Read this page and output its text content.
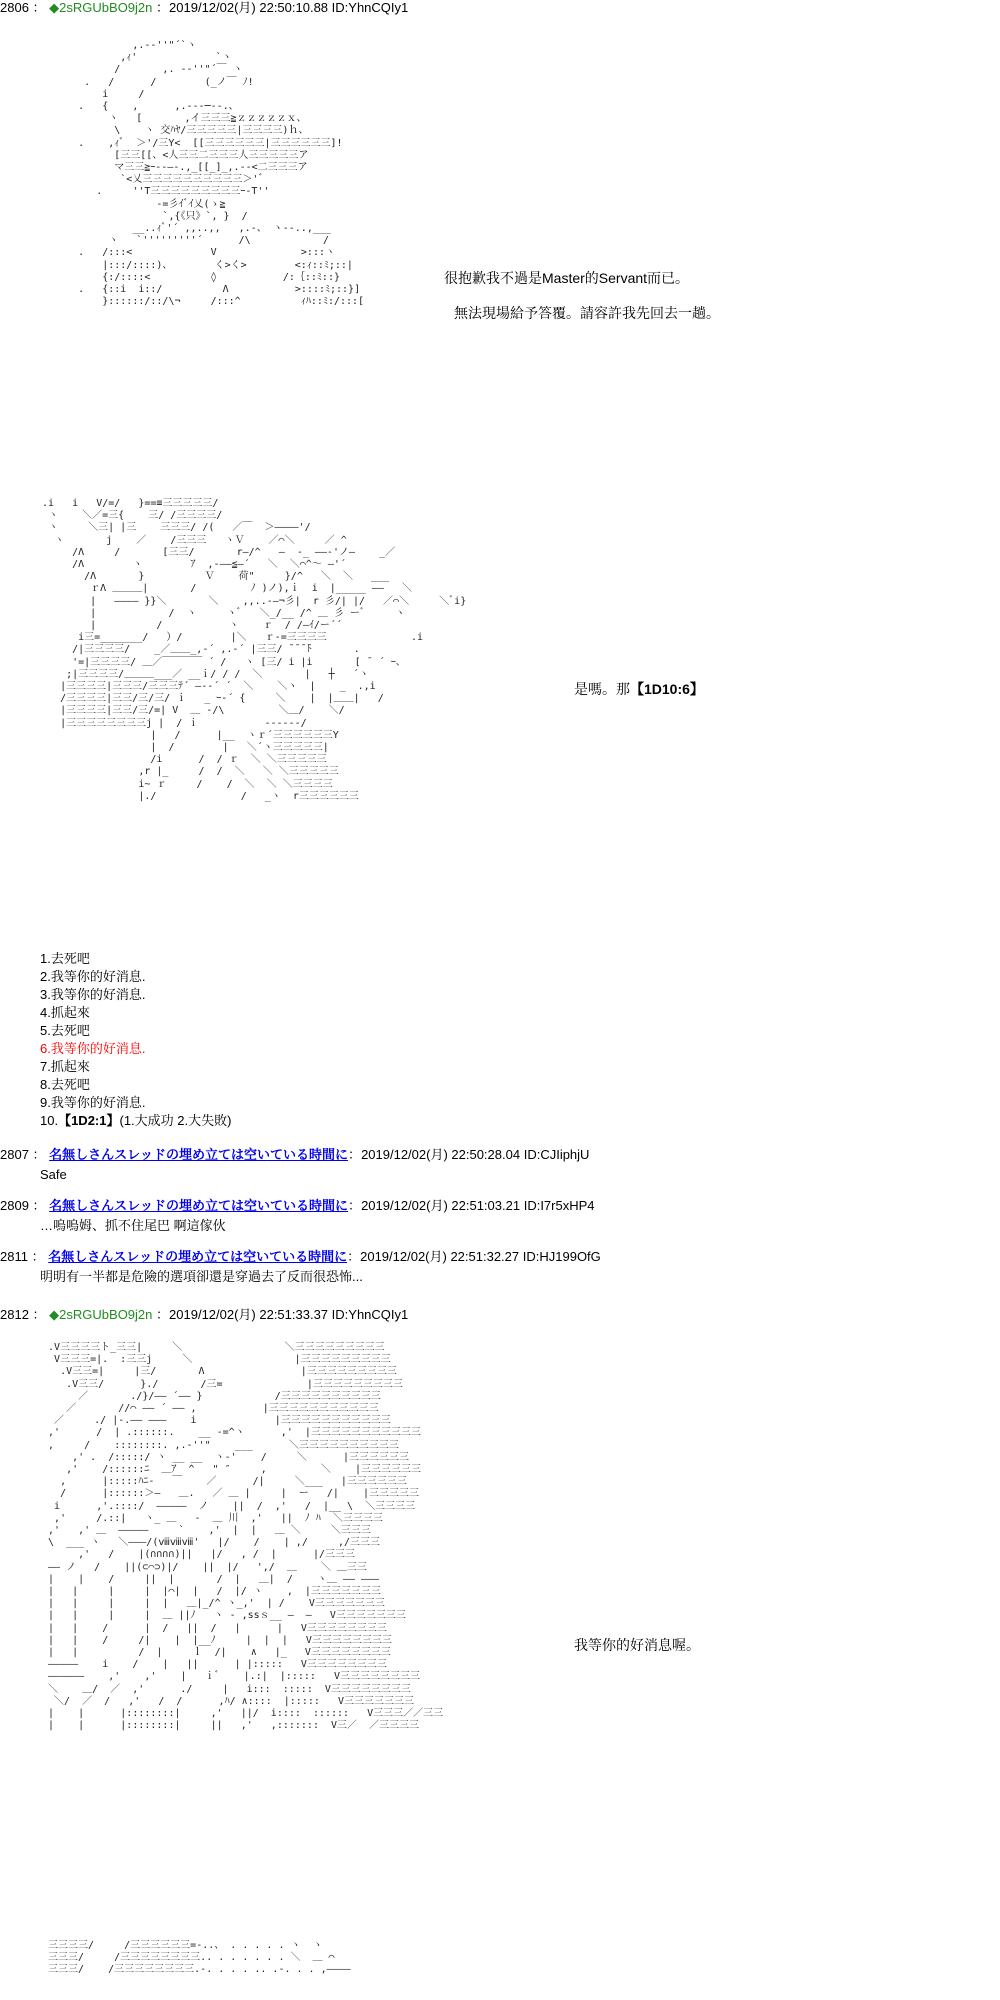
2806 ： ◆2sRGUbBO9j2n ：2019/12/02(月) 22:50:10.88 ID:YhnCQIy1
,.-‐''"´`ヽ
,ｨ'             `ヽ
/       ,. -‐''"´￣ ヽ
.   /      /        (_ノ￣ ﾉ!
i     /
.   {    ,      ,.-‐‐─‐-.、
ヽ   [       ,イ三三三≧ｚｚｚｚｚｘ、
\    ヽ 交ﾊﾔ/三三三三三|三三三三)ｈ、
.    ,ｨﾞ  ＞'/三Y<  [[三三三三三三|三三三三三三]!
[三三[[、<人三三二三三三人三三三三三ア
マ三三≧ｰ‐‐―-.,_[[_]_,.-‐<二三三三ア
`<乂三三三三三三三三三三＞'゛
.     ''T三三三三三三三三三ｰ-T''
-=彡ｲﾞｲ乂(ゝ≧
`,{《只》`, }  /
__..ｨﾞ'´ ,,..,,   ,.-、 ヽ‐-..,___
ヽ   `'''''''''´      /\            /
.   /:::<             V              >:::ヽ
|:::/::::)、       く>く>        <:ｨ::ﾐ;::|
{:/::::<          ◊           /:｛::ﾐ::}
.   {::i  i::/          Λ           >::::ﾐ;::}]
}::::::/::/\¬     /:::^          ｨﾊ::ﾐ:/:::[

很抱歉我不過是Master的Servant而已。
無法現場給予答覆。請容許我先回去一趟。
.i   i   V/=/   }==≡三三三三三/
ヽ    ＼／=三{    三/ /三三三三/
ヽ     ＼三| |三    三三三/ /(   ／￣  ＞――――'/
ヽ       j    ／    /三三三   ヽＶ    ／⌒＼     ／ ^
/Λ     /       [三三/       r―/^   ―  -_ ――-'ノ―    _／
/Λ        ヽ        ｱ  ,-――≦―´   ＼  ＼⌒^〜 ―'´
/Λ       }          Ｖ    荷"     }/^   ＼  ＼   ___
ｒΛ ＿＿＿|       /         ﾉ )ノ),ｉ  i  |_____ ――   ＼
|   ―――― }}＼       ＼    ,,..-―¬彡|  r 彡/| |/   ／⌒＼     ＼ﾞi}
|            /  ヽ     ヽﾞ   ＼_/__ /^ ＿ 彡 ーﾞ     ヽ
|          /           ヽ    ｒ  / /―ｲ/ー´´
i三=_______/   ）/        |＼   ｒ-=三三三三              .i
/|三三三三/    _／＿＿_,-´ ,.-´ |三三/ ̄ ̄ ̄ ̄ﾄ       .
'=|三三三三/ ＿／￣￣￣￣ ´ /   ヽ [三/ i |i       [ ̄  ´ ｰ、
;|三三三三/＿＿＿___／ __ｉ/ / /  ＼       |   ┼   ´ヽ
|三三三三|三三三/三三三ﾃ´ ―-‐´ ´  ＼    ＼ヽ  |    _  .,i
/三三三三|三三/三/三/ ｉ   _ ｰ-´ {     ＼    |  |＿＿|   /
|三三三三|三三/三/=| V  ＿ -/\         ＼＿/    ＼/
|三三三三三三三三j |  / ｉ           ------/
|   /      |__  ヽｒ´三三三三三三Y
|  /        |   ＼´ヽ三三三三三|
/i      /  / ｒ  ＼ ＼三三三三三
,r |_     /  /  ＼   ＼ ＼三三三三三
i~ ｒ     /    /  ＼  ＼ ＼三三三三
|./              /   _ヽ  r三三三三三三

是嗎。那【1D10:6】
1.去死吧
2.我等你的好消息.
3.我等你的好消息.
4.抓起來
5.去死吧
6.我等你的好消息.
7.抓起來
8.去死吧
9.我等你的好消息.
10.【1D2:1】(1.大成功 2.大失敗)
2807 ： 名無しさんスレッドの埋め立ては空いている時間に：2019/12/02(月) 22:50:28.04 ID:CJIiphjU
Safe
2809 ： 名無しさんスレッドの埋め立ては空いている時間に：2019/12/02(月) 22:51:03.21 ID:I7r5xHP4
…嗚嗚姆、抓不住尾巴 啊這傢伙
2811 ： 名無しさんスレッドの埋め立ては空いている時間に：2019/12/02(月) 22:51:32.27 ID:HJ199OfG
明明有一半都是危險的選項卻還是穿過去了反而很恐怖...
2812 ： ◆2sRGUbBO9j2n ：2019/12/02(月) 22:51:33.37 ID:YhnCQIy1
.V三三三三ト_三三|     ＼                 ＼三三三三三三三三三
V三三三=|.  :三三j     ＼                 |三三三三三三三三三
.V三三=|     |三/       Λ                |三三三三三三三三三
.V三三/      }./       /三=              |三三三三三三三三三
／       ./}/―― ´―― }            /三三三三三三三三三三
／       //⌒ ―― ´ ―― ,           |三三三三三三三三三三三
／     ./ |-.―― ―――    i             |三三三三三三三三三三三
,'      /  | .::::::.    __ -=^ヽ      ,'  |三三三三三三三三三三三
,     /    ::::::::. ,.-''"    ___      ＼三三三三三三三三三三
,' .  /:::::/ ヽ __ __  ヽ‐'    /     ＼      |三三三三三三
,'    /::::::ﾆ  ＿ｱ  ^   " ″     ,         ＼    |三三三三三三
,      |:::::ﾊﾆ-   ￣    ／      /|     ＼___   |三三三三三三
/      |::::::＞―   ＿.   ／ ＿ |     |  ー   /|    |三三三三三
i      ,'.::::/  ―――――  ノ    ||  /  ,'   /  |__ \  ＼三三三三
,'     /.::|   ヽ_ ＿   -  ＿ 川  ,'   ||  ﾉ ﾊ  ＼三三三三
,'   ,' ＿  ―――――     `    ,'  |  |   ＿ ＼     ＼三三三
\  ___ ヽ   ＼―――/(ⅷⅷⅷ'   |/    /    | ,/     ,/三三三
,'   /    |(∩∩∩∩)||   |/   , /  |      |/三三三
―― ノ   /    ||(⊂⌒⊃)|/    ||  |/   ',/  ＿    ＼ ＿三三
|    |    /     ||  |       /  |   ＿|  /    ヽ＿ ―― ―――
|   |     |     |  |⌒|  |   /  |/ ヽ    ,  |三三三三三三三
|   |     |     |  |   ＿|_/^ ヽ_,'  | /    V三三三三三三三
|   |     |     |  ＿ ||ﾉ   ヽ ‐ ,ssｓ__ ―  ―   V三三三三三三三
|   |    /      |  /   ||  /   |      |   V三三三三三三三三
|   |    /     /|    |  |__ﾉ     |  |  |   V三三三三三三三三
|   |          /  |     ｌ  /|    ∧   |_   V三三三三三三三三
―――――    i    /    |   ||      | |:::::   V三三三三三三三三
――――――    ,'    ,'    |   ｉﾞ    |.:|  |:::::   V三三三三三三三三
＼    ＿/  ／  ,'      ./     |   i:::  :::::  V三三三三三三三三
＼/  ／  /   ,'   /  /      ,ﾊ/ ∧::::  |:::::   V三三三三三三三
|    |      |::::::::|     ,'   ||/  i::::  ::::::   V三三三／／三三
|    |      |::::::::|     ||   ,'   ,:::::::  V三／  ／三三三三

我等你的好消息喔。
三三三三/     /三三三三三三=-..、 . . . . . ヽ  ヽ
三三三/     /三三三三三三三三.. . . . . . . ＼  ＿ ⌒
三三三/    /三三三三三三三三.-. . . . .. .-. . . ,――――
